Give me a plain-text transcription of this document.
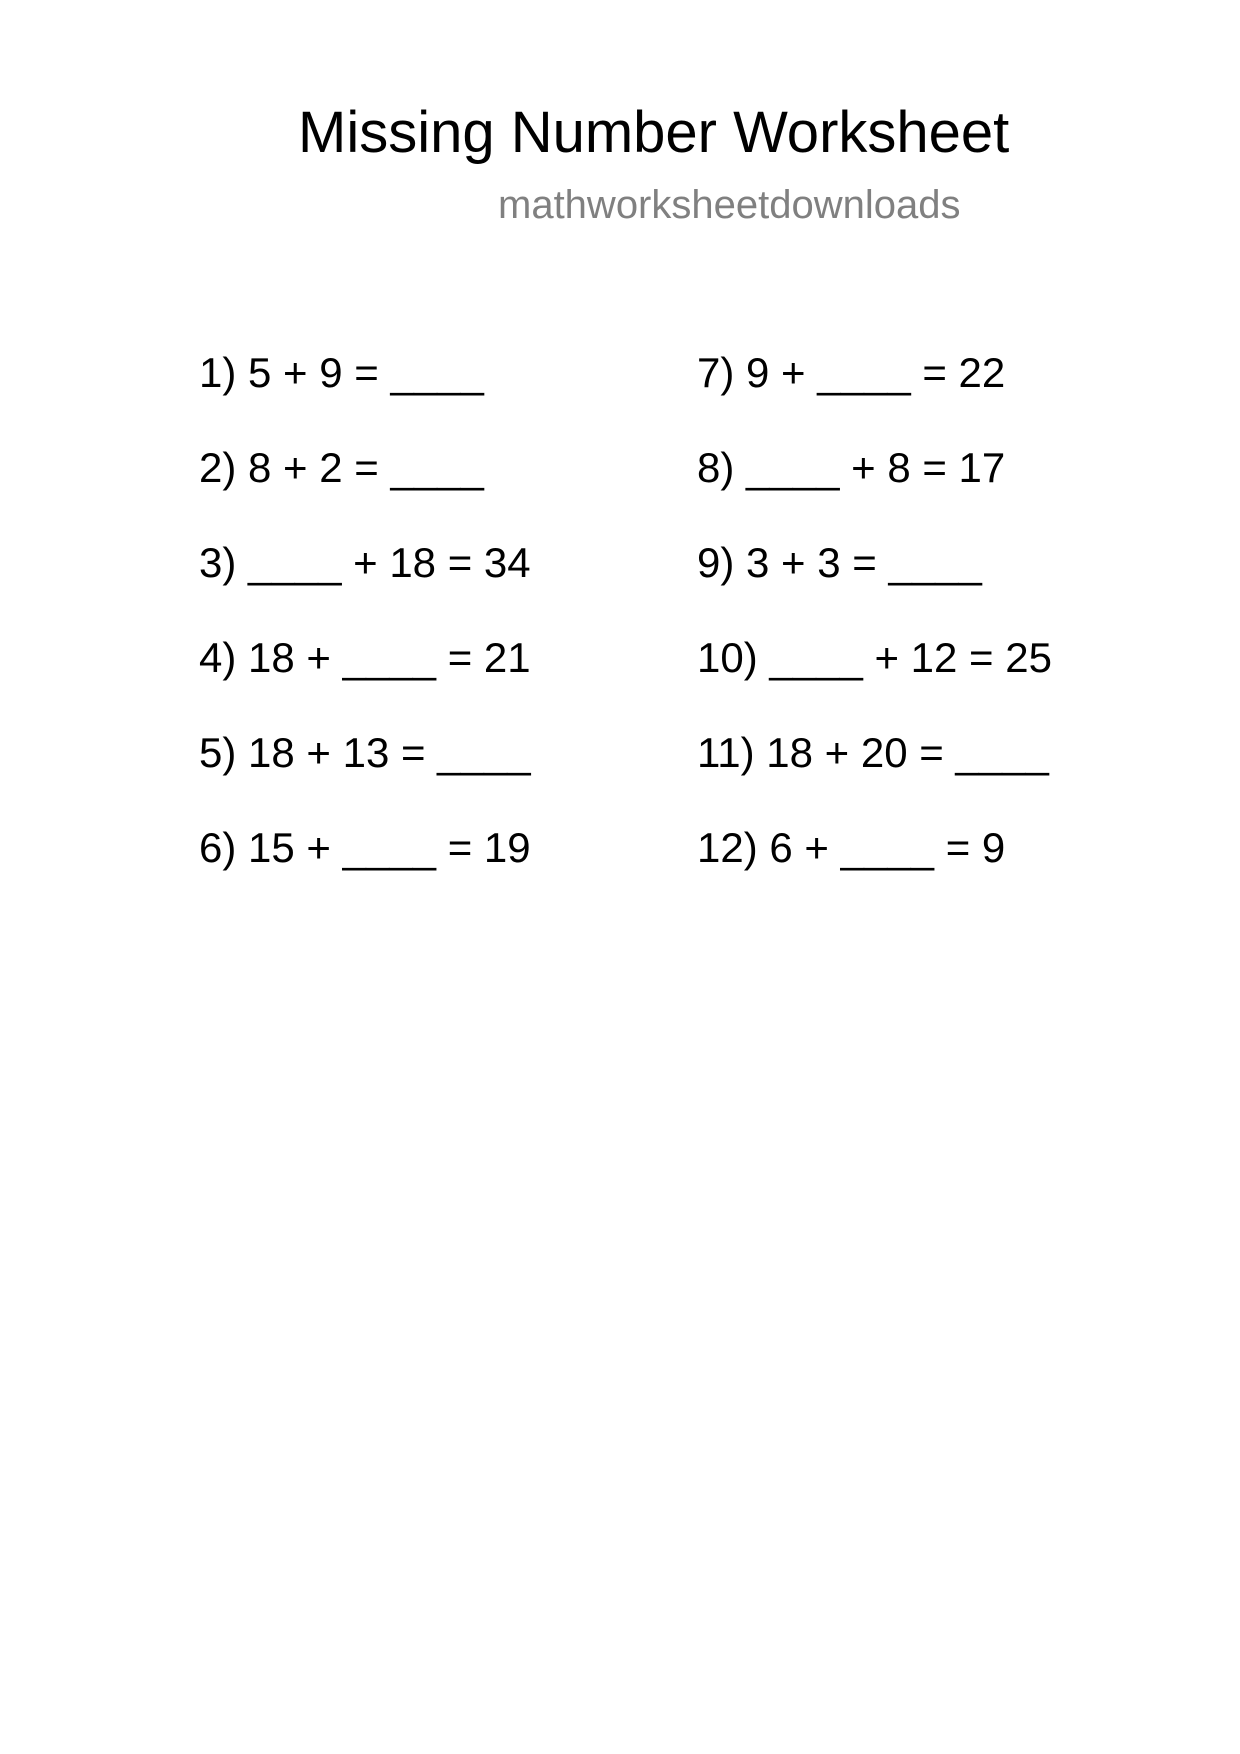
Missing Number Worksheet
mathworksheetdownloads
1) 5 + 9 = ____
2) 8 + 2 = ____
3) ____ + 18 = 34
4) 18 + ____ = 21
5) 18 + 13 = ____
6) 15 + ____ = 19
7) 9 + ____ = 22
8) ____ + 8 = 17
9) 3 + 3 = ____
10) ____ + 12 = 25
11) 18 + 20 = ____
12) 6 + ____ = 9
